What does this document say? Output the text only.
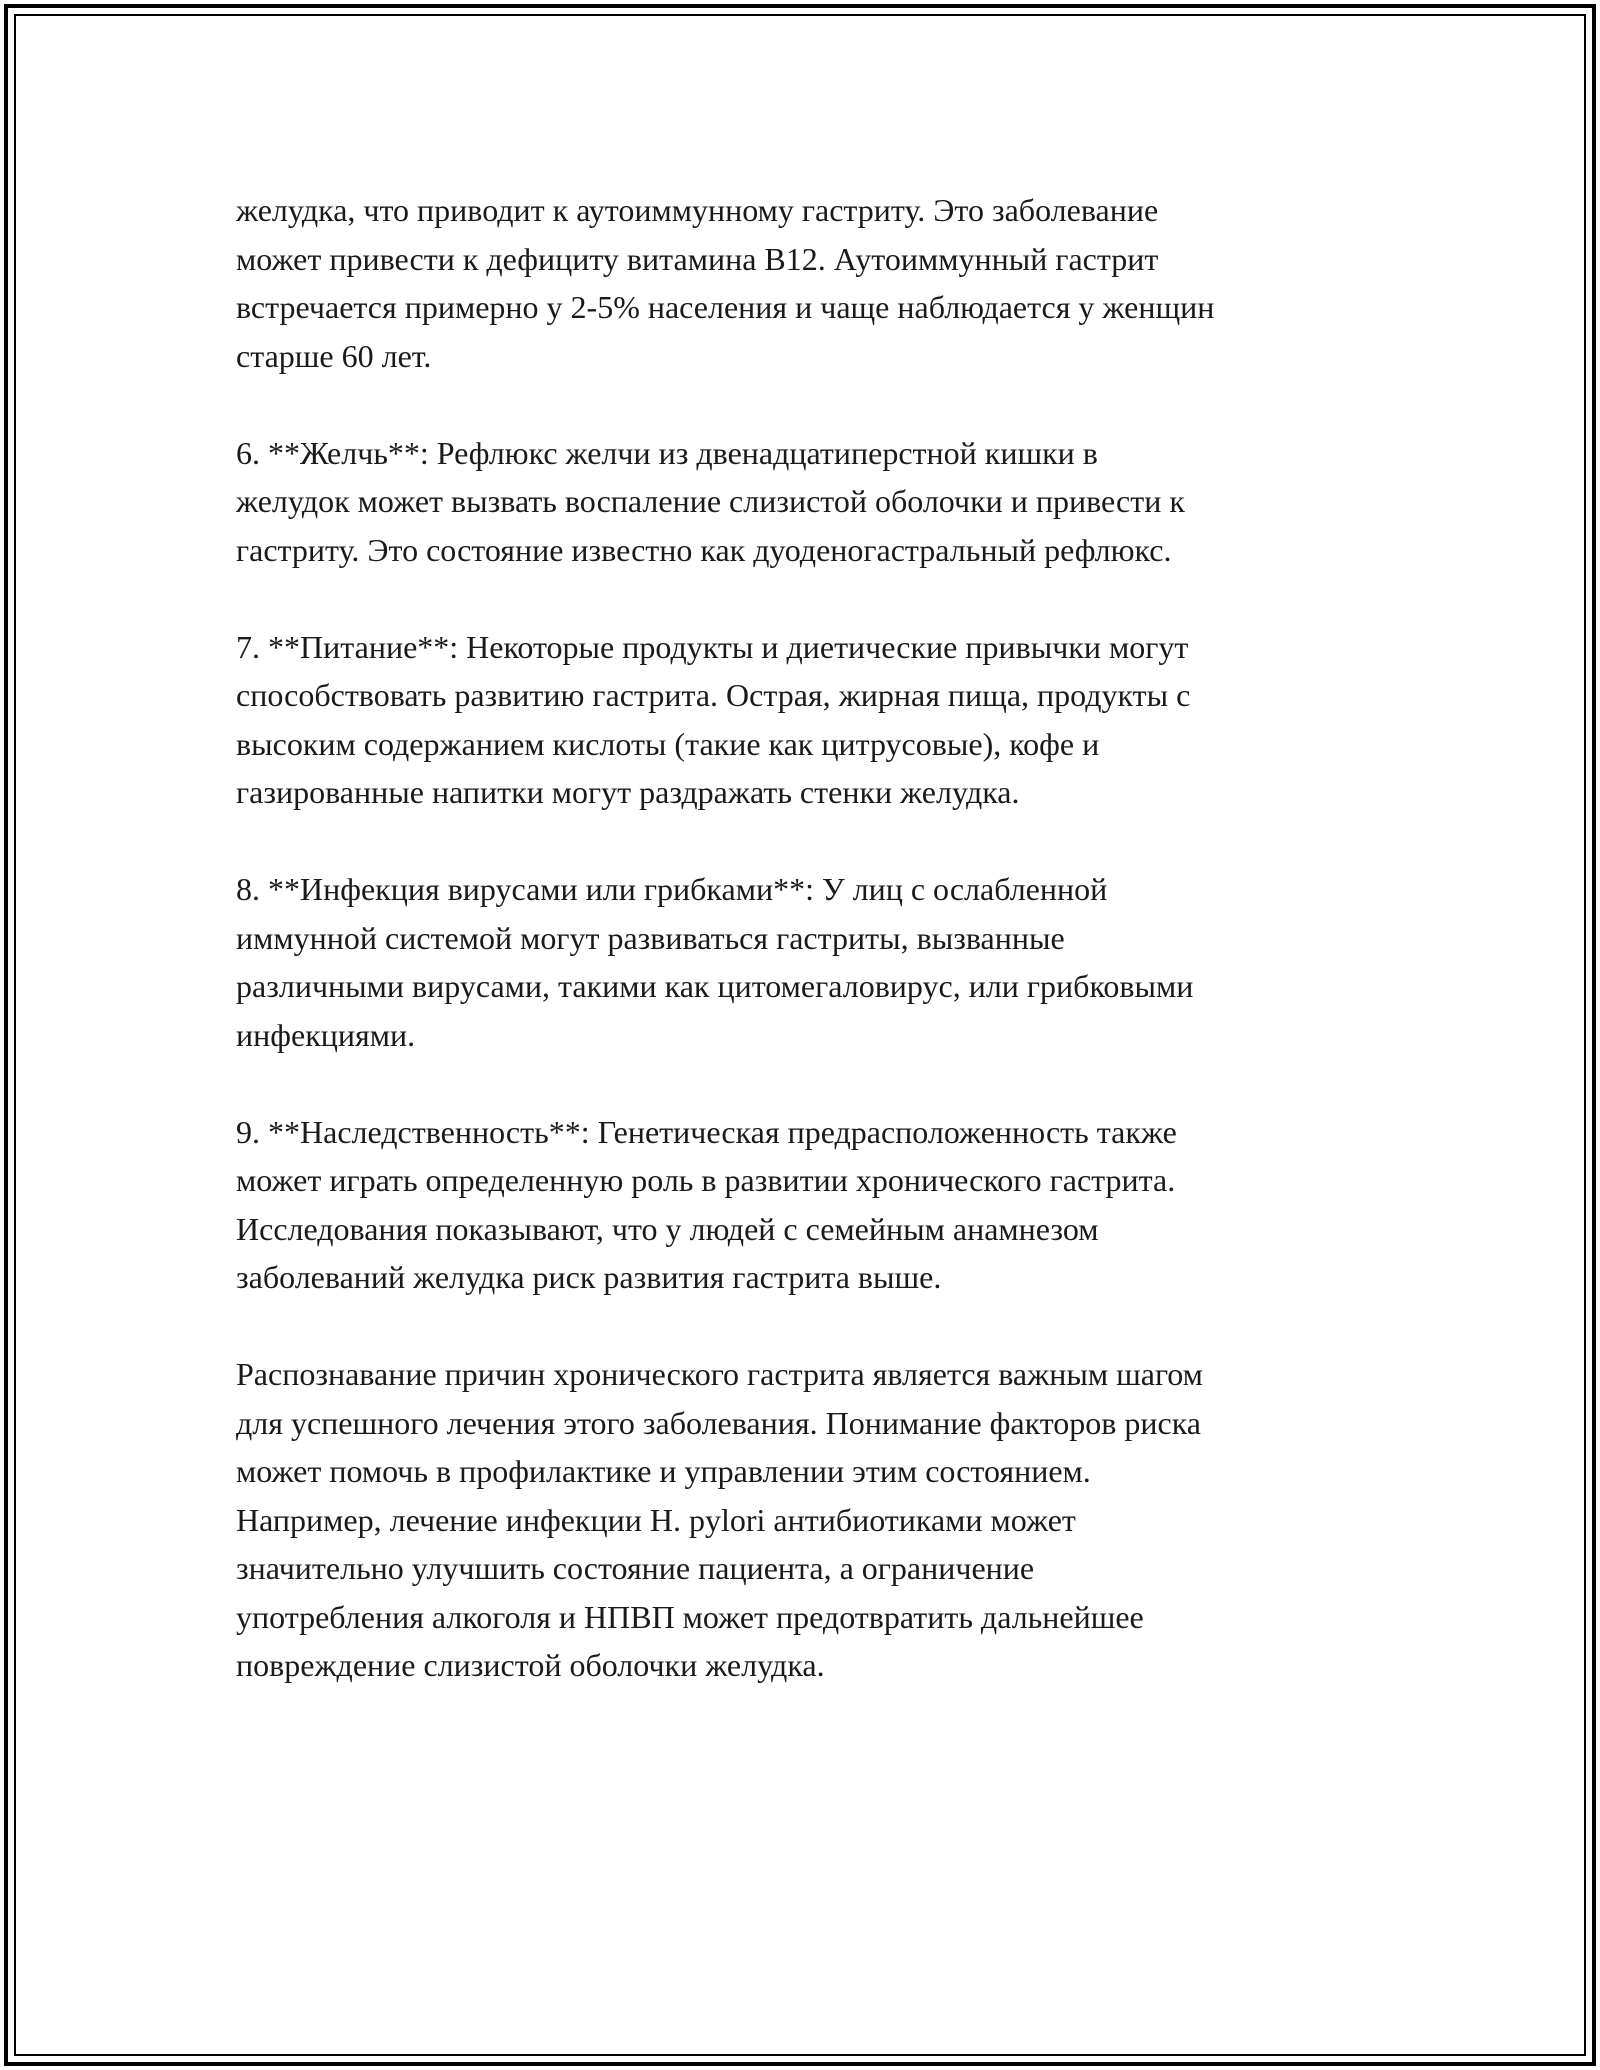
желудка, что приводит к аутоиммунному гастриту. Это заболевание
может привести к дефициту витамина B12. Аутоиммунный гастрит
встречается примерно у 2-5% населения и чаще наблюдается у женщин
старше 60 лет.

6. **Желчь**: Рефлюкс желчи из двенадцатиперстной кишки в
желудок может вызвать воспаление слизистой оболочки и привести к
гастриту. Это состояние известно как дуоденогастральный рефлюкс.

7. **Питание**: Некоторые продукты и диетические привычки могут
способствовать развитию гастрита. Острая, жирная пища, продукты с
высоким содержанием кислоты (такие как цитрусовые), кофе и
газированные напитки могут раздражать стенки желудка.

8. **Инфекция вирусами или грибками**: У лиц с ослабленной
иммунной системой могут развиваться гастриты, вызванные
различными вирусами, такими как цитомегаловирус, или грибковыми
инфекциями.

9. **Наследственность**: Генетическая предрасположенность также
может играть определенную роль в развитии хронического гастрита.
Исследования показывают, что у людей с семейным анамнезом
заболеваний желудка риск развития гастрита выше.

Распознавание причин хронического гастрита является важным шагом
для успешного лечения этого заболевания. Понимание факторов риска
может помочь в профилактике и управлении этим состоянием.
Например, лечение инфекции H. pylori антибиотиками может
значительно улучшить состояние пациента, а ограничение
употребления алкоголя и НПВП может предотвратить дальнейшее
повреждение слизистой оболочки желудка.
